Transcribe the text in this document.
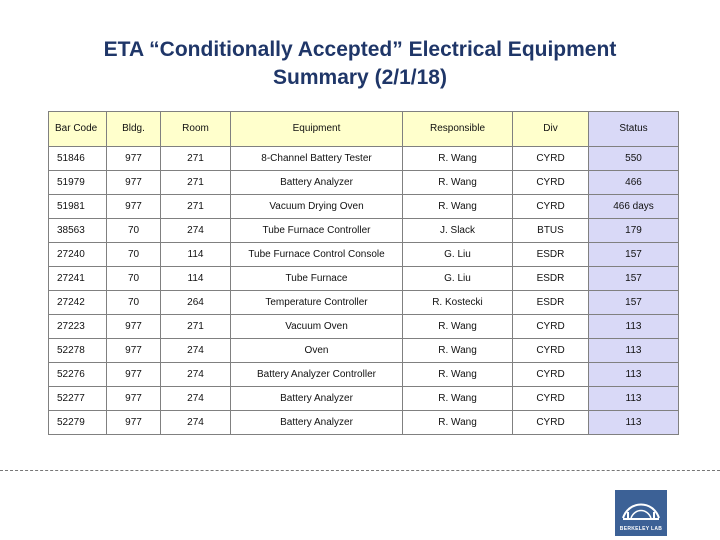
ETA “Conditionally Accepted” Electrical Equipment
Summary (2/1/18)
Bar Code	Bldg.	Room	Equipment	Responsible	Div	Status
51846	977	271	8-Channel Battery Tester	R. Wang	CYRD	550
51979	977	271	Battery Analyzer	R. Wang	CYRD	466
51981	977	271	Vacuum Drying Oven	R. Wang	CYRD	466 days
38563	70	274	Tube Furnace Controller	J. Slack	BTUS	179
27240	70	114	Tube Furnace Control Console	G. Liu	ESDR	157
27241	70	114	Tube Furnace	G. Liu	ESDR	157
27242	70	264	Temperature Controller	R. Kostecki	ESDR	157
27223	977	271	Vacuum Oven	R. Wang	CYRD	113
52278	977	274	Oven	R. Wang	CYRD	113
52276	977	274	Battery Analyzer Controller	R. Wang	CYRD	113
52277	977	274	Battery Analyzer	R. Wang	CYRD	113
52279	977	274	Battery Analyzer	R. Wang	CYRD	113
BERKELEY LAB
